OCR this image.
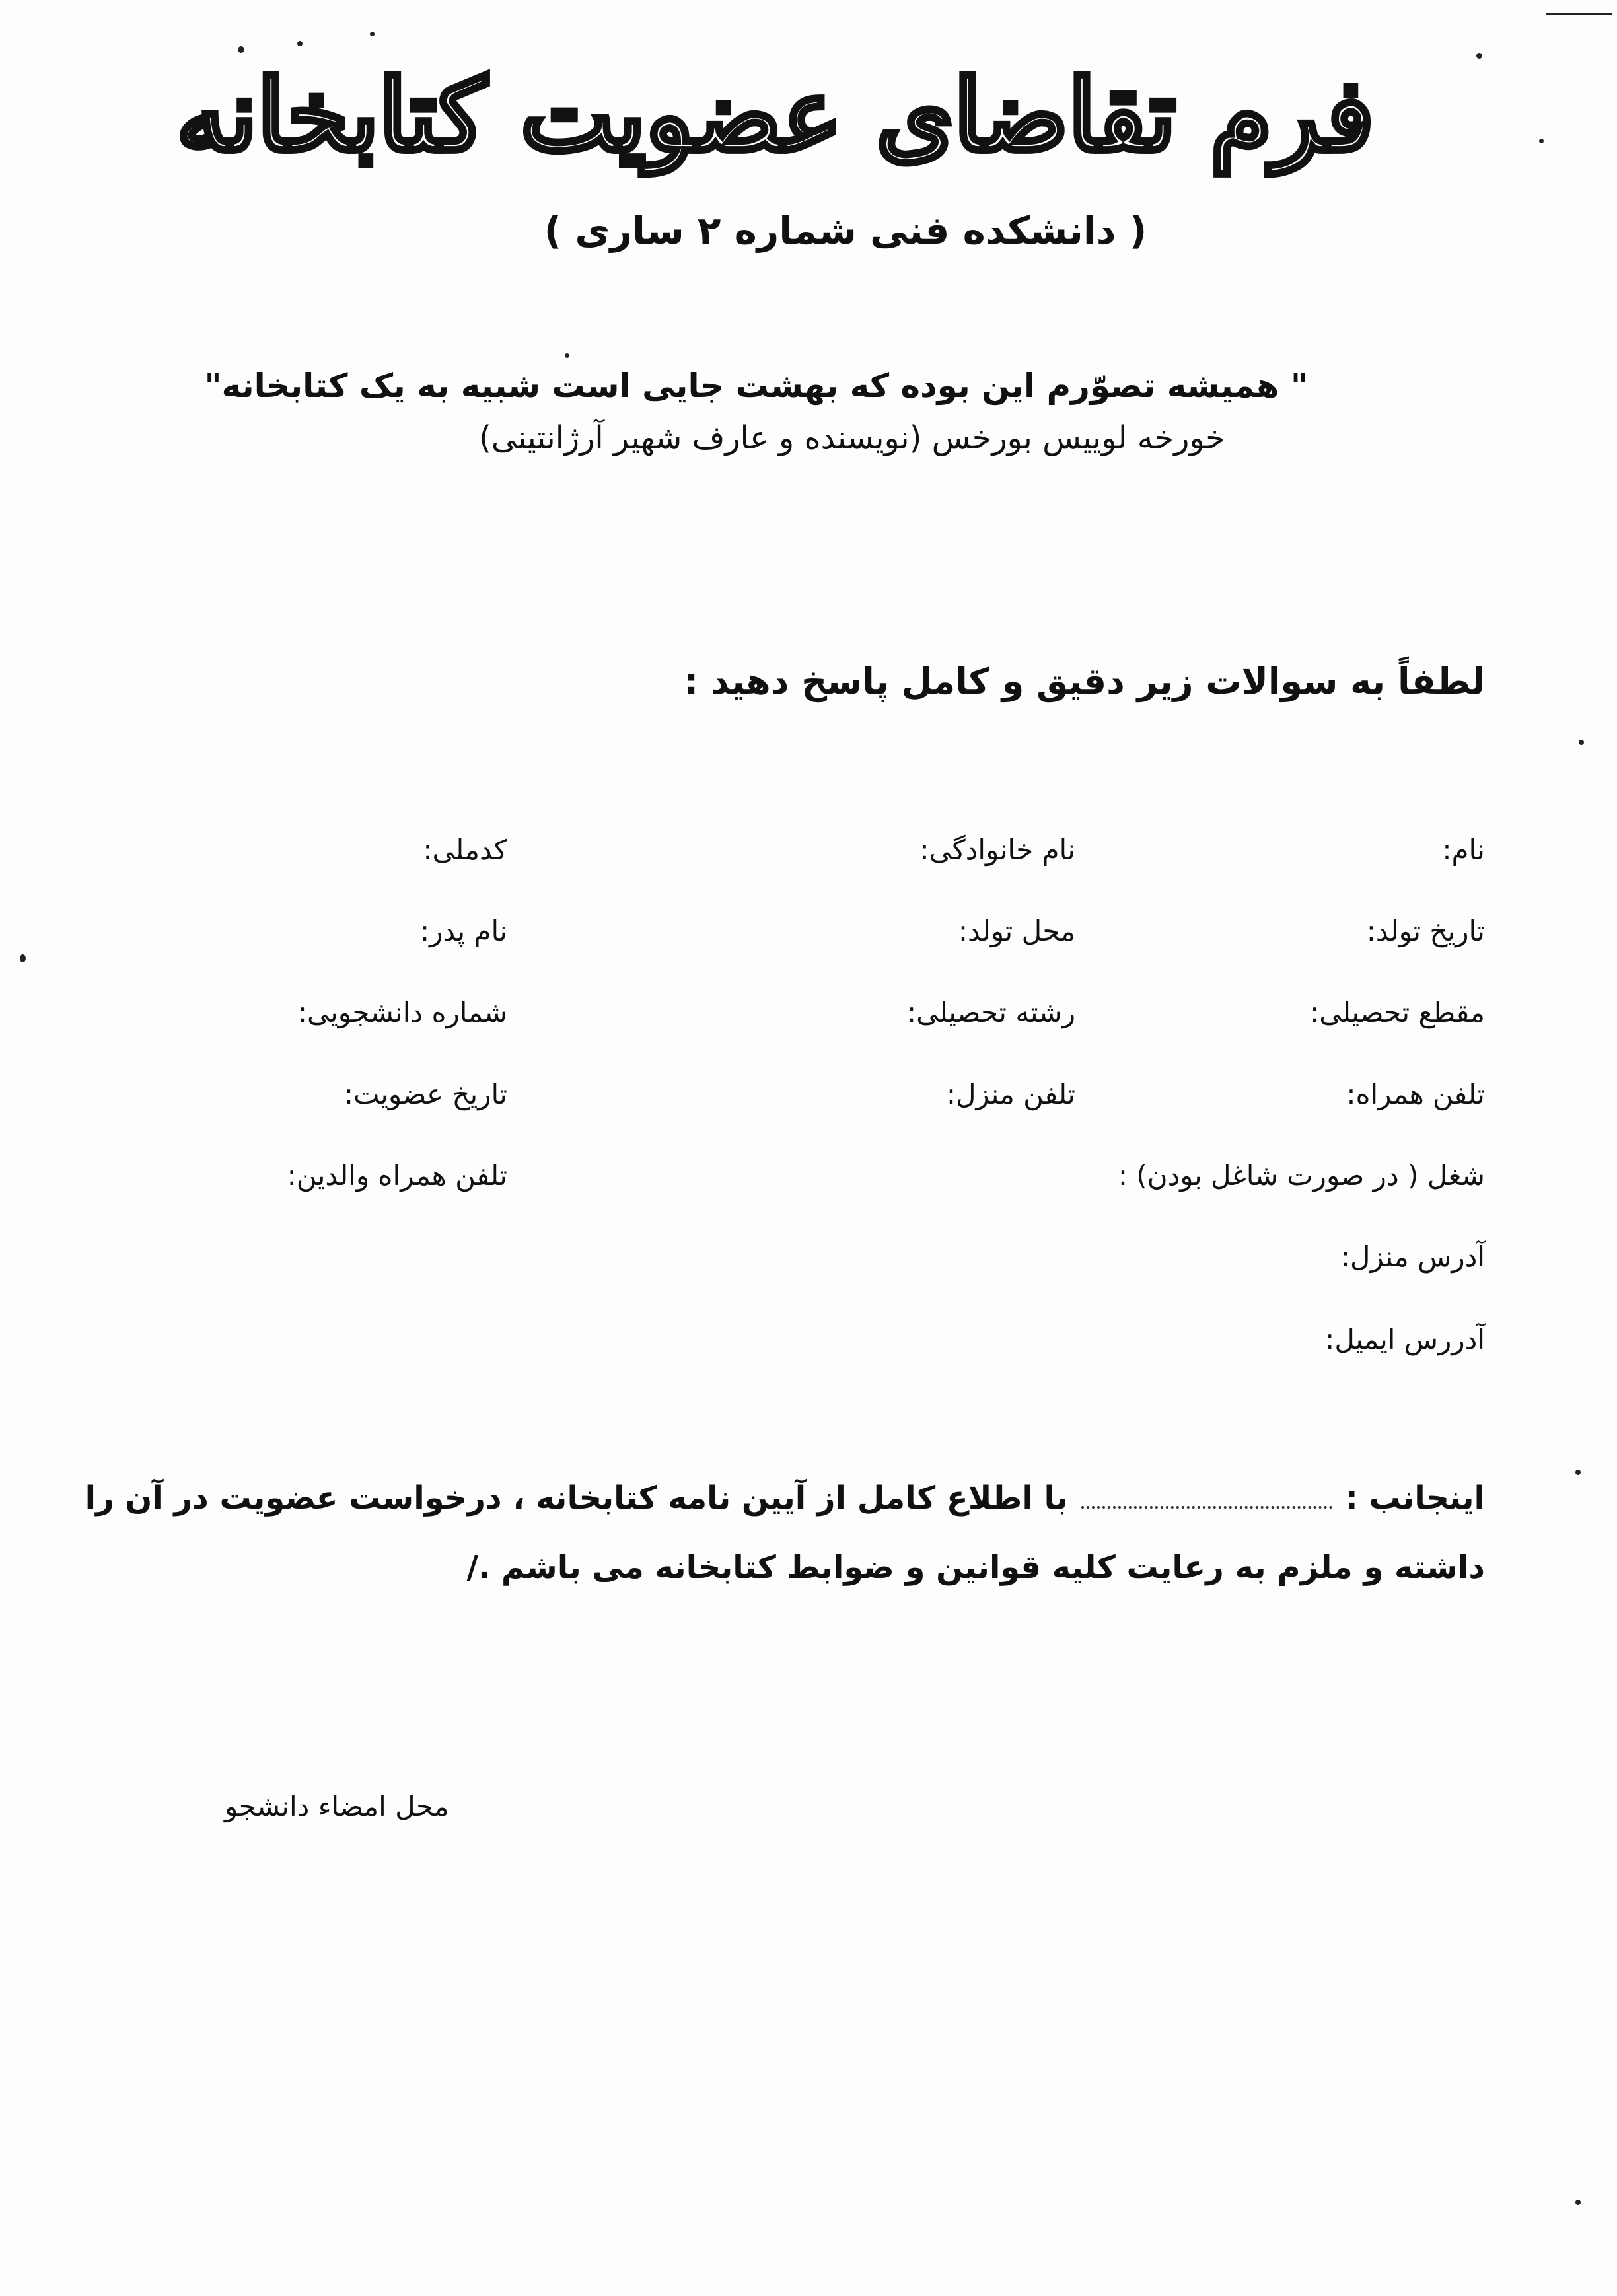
فرم تقاضای عضویت کتابخانه
( دانشکده فنی شماره ۲ ساری )
" همیشه تصوّرم این بوده که بهشت جایی است شبیه به یک کتابخانه"
خورخه لوییس بورخس (نویسنده و عارف شهیر آرژانتینی)
لطفاً به سوالات زیر دقیق و کامل پاسخ دهید :
نام:
نام خانوادگی:
کدملی:
تاریخ تولد:
محل تولد:
نام پدر:
مقطع تحصیلی:
رشته تحصیلی:
شماره دانشجویی:
تلفن همراه:
تلفن منزل:
تاریخ عضویت:
شغل ( در صورت شاغل بودن) :
تلفن همراه والدین:
آدرس منزل:
آدررس ایمیل:
اینجانب :با اطلاع کامل از آیین نامه کتابخانه ، درخواست عضویت در آن را
داشته و ملزم به رعایت کلیه قوانین و ضوابط کتابخانه می باشم ./
محل امضاء دانشجو
